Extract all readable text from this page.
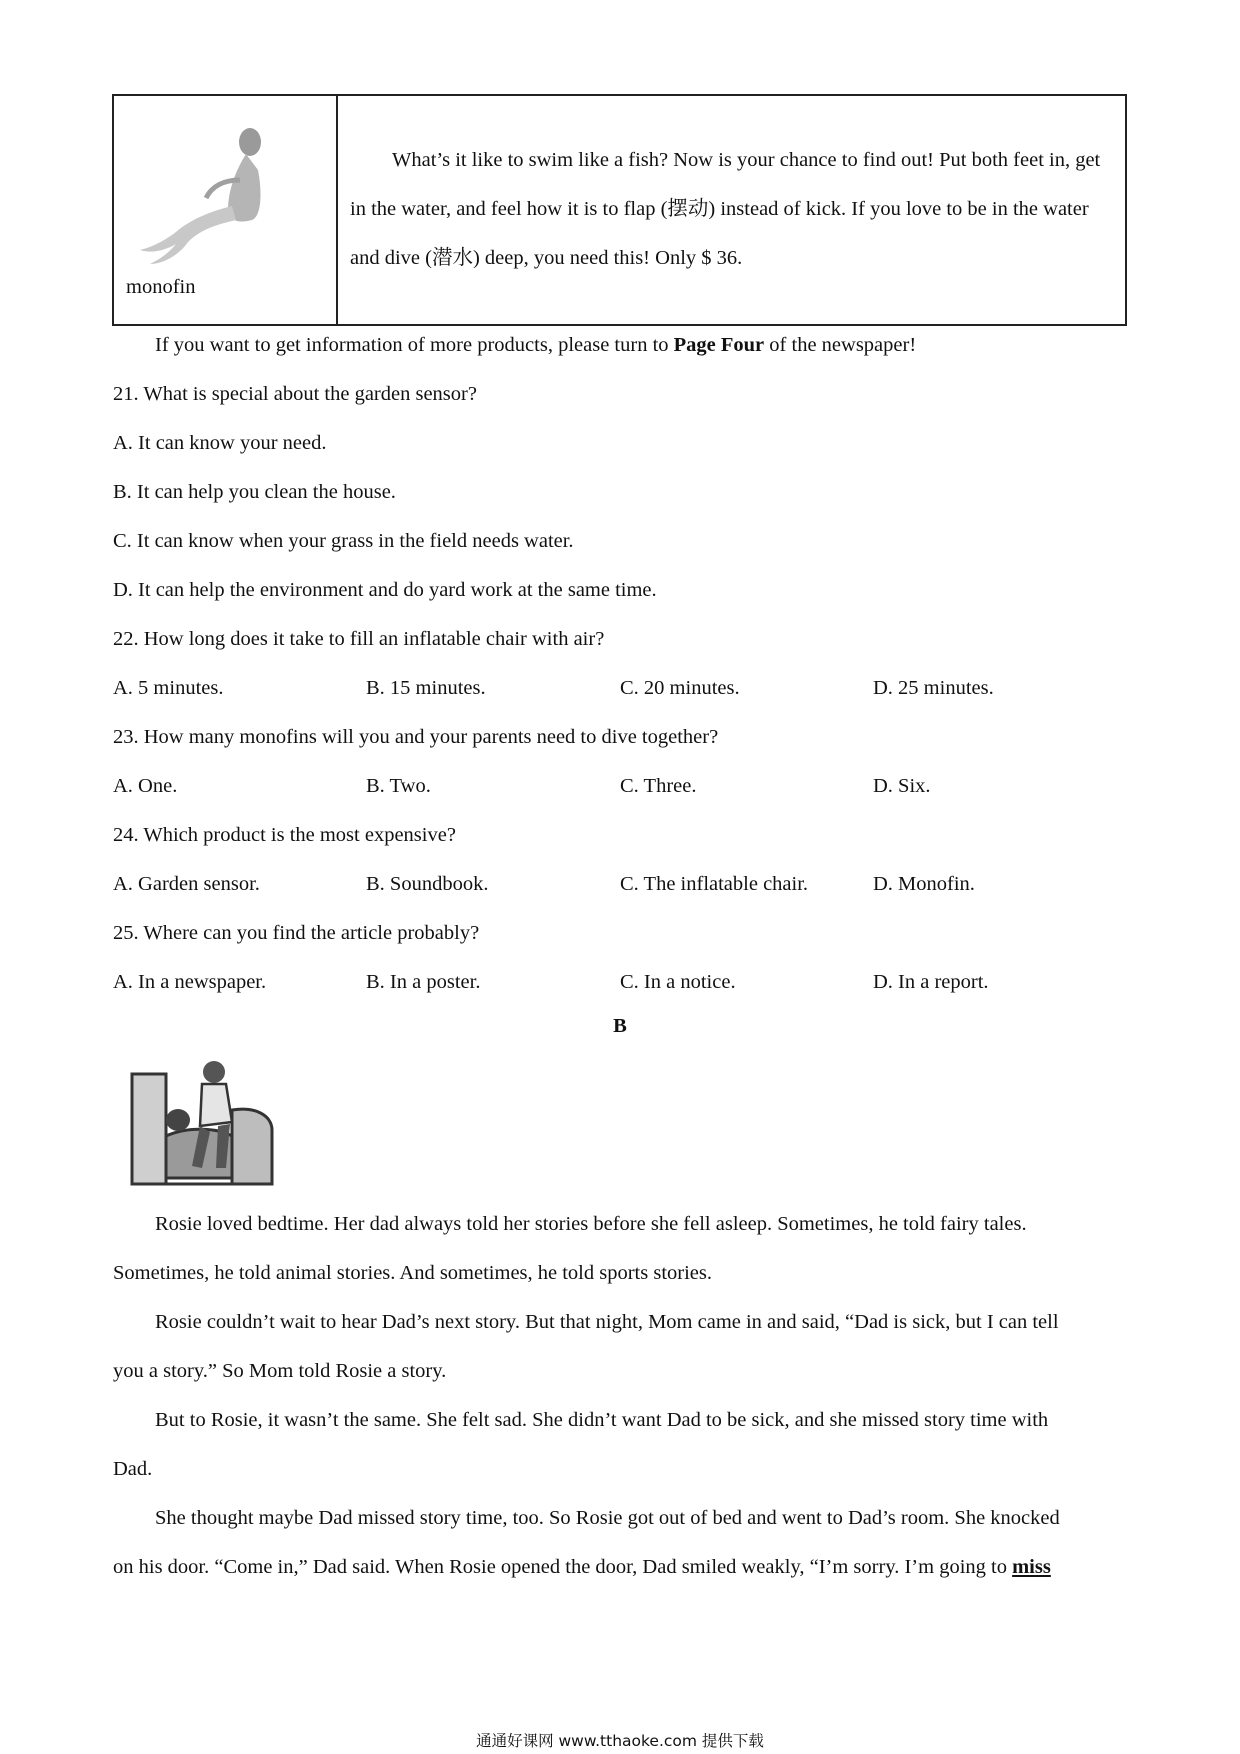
monofin
What’s it like to swim like a fish? Now is your chance to find out! Put both feet in, get in the water, and feel how it is to flap (摆动) instead of kick. If you love to be in the water and dive (潜水) deep, you need this! Only $ 36.
If you want to get information of more products, please turn to Page Four of the newspaper!
21. What is special about the garden sensor?
A. It can know your need.
B. It can help you clean the house.
C. It can know when your grass in the field needs water.
D. It can help the environment and do yard work at the same time.
22. How long does it take to fill an inflatable chair with air?
A. 5 minutes.	B. 15 minutes.	C. 20 minutes.	D. 25 minutes.
23. How many monofins will you and your parents need to dive together?
A. One.	B. Two.	C. Three.	D. Six.
24. Which product is the most expensive?
A. Garden sensor.	B. Soundbook.	C. The inflatable chair.	D. Monofin.
25. Where can you find the article probably?
A. In a newspaper.	B. In a poster.	C. In a notice.	D. In a report.
B
Rosie loved bedtime. Her dad always told her stories before she fell asleep. Sometimes, he told fairy tales.
Sometimes, he told animal stories. And sometimes, he told sports stories.
Rosie couldn’t wait to hear Dad’s next story. But that night, Mom came in and said, “Dad is sick, but I can tell
you a story.” So Mom told Rosie a story.
But to Rosie, it wasn’t the same. She felt sad. She didn’t want Dad to be sick, and she missed story time with
Dad.
She thought maybe Dad missed story time, too. So Rosie got out of bed and went to Dad’s room. She knocked
on his door. “Come in,” Dad said. When Rosie opened the door, Dad smiled weakly, “I’m sorry. I’m going to miss
通通好课网 www.tthaoke.com 提供下载
